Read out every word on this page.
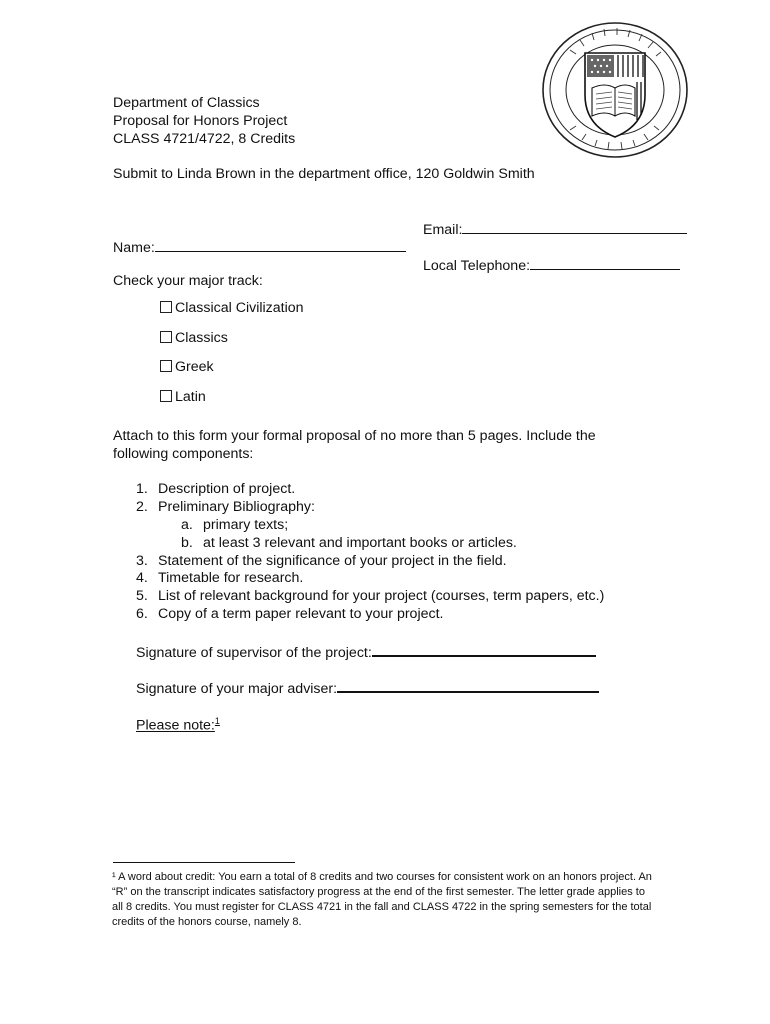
Department of Classics
Proposal for Honors Project
CLASS 4721/4722, 8 Credits
Submit to Linda Brown in the department office, 120 Goldwin Smith
Email:
Name:
Local Telephone:
Check your major track:
Classical Civilization
Classics
Greek
Latin
Attach to this form your formal proposal of no more than 5 pages. Include the
following components:
1. Description of project.
2. Preliminary Bibliography:
a. primary texts;
b. at least 3 relevant and important books or articles.
3. Statement of the significance of your project in the field.
4. Timetable for research.
5. List of relevant background for your project (courses, term papers, etc.)
6. Copy of a term paper relevant to your project.
Signature of supervisor of the project:
Signature of your major adviser:
Please note:$^1$
¹ A word about credit: You earn a total of 8 credits and two courses for consistent work on an honors project. An “R” on the transcript indicates satisfactory progress at the end of the first semester. The letter grade applies to all 8 credits. You must register for CLASS 4721 in the fall and CLASS 4722 in the spring semesters for the total credits of the honors course, namely 8.
